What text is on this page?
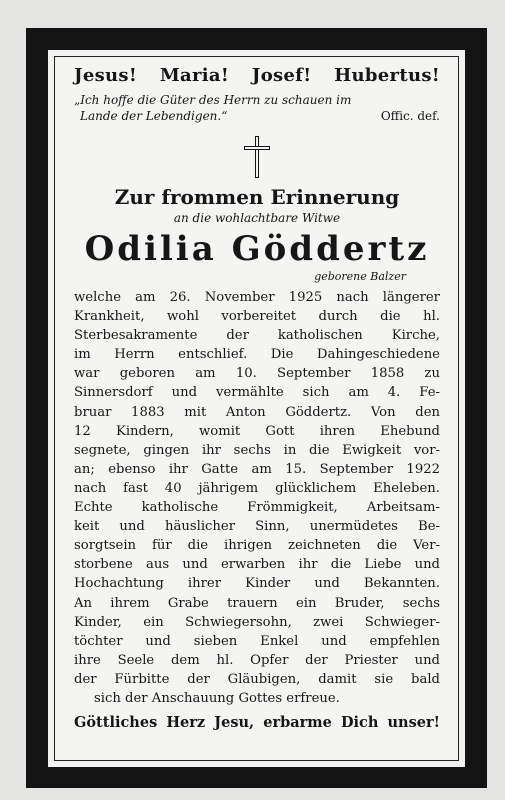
Jesus! Maria! Josef! Hubertus!
„Ich hoffe die Güter des Herrn zu schauen im
Lande der Lebendigen.“	Offic. def.
Zur frommen Erinnerung
an die wohlachtbare Witwe
Odilia Göddertz
geborene Balzer
welche am 26. November 1925 nach längerer
Krankheit, wohl vorbereitet durch die hl.
Sterbesakramente der katholischen Kirche,
im Herrn entschlief. Die Dahingeschiedene
war geboren am 10. September 1858 zu
Sinnersdorf und vermählte sich am 4. Fe-
bruar 1883 mit Anton Göddertz. Von den
12 Kindern, womit Gott ihren Ehebund
segnete, gingen ihr sechs in die Ewigkeit vor-
an; ebenso ihr Gatte am 15. September 1922
nach fast 40 jährigem glücklichem Eheleben.
Echte katholische Frömmigkeit, Arbeitsam-
keit und häuslicher Sinn, unermüdetes Be-
sorgtsein für die ihrigen zeichneten die Ver-
storbene aus und erwarben ihr die Liebe und
Hochachtung ihrer Kinder und Bekannten.
An ihrem Grabe trauern ein Bruder, sechs
Kinder, ein Schwiegersohn, zwei Schwieger-
töchter und sieben Enkel und empfehlen
ihre Seele dem hl. Opfer der Priester und
der Fürbitte der Gläubigen, damit sie bald
sich der Anschauung Gottes erfreue.
Göttliches Herz Jesu, erbarme Dich unser!
